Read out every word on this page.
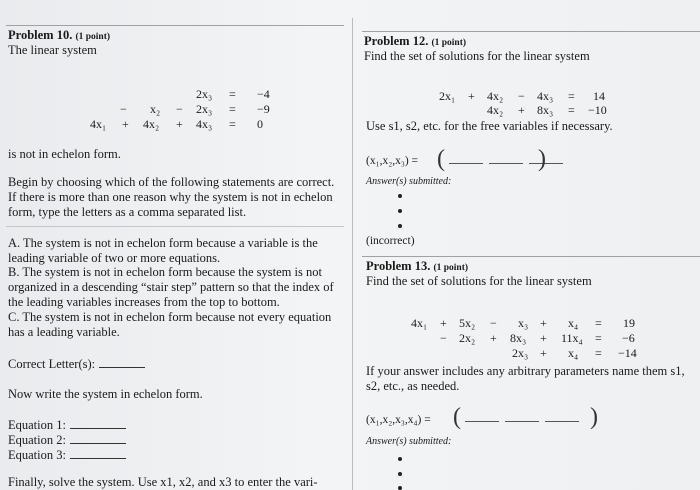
Problem 10. (1 point)
The linear system
2x₃ = −4
− x₂ − 2x₃ = −9
4x₁ + 4x₂ + 4x₃ = 0
is not in echelon form.
Begin by choosing which of the following statements are correct.
If there is more than one reason why the system is not in echelon
form, type the letters as a comma separated list.
A. The system is not in echelon form because a variable is the
leading variable of two or more equations.
B. The system is not in echelon form because the system is not
organized in a descending “stair step” pattern so that the index of
the leading variables increases from the top to bottom.
C. The system is not in echelon form because not every equation
has a leading variable.
Correct Letter(s):
Now write the system in echelon form.
Equation 1:
Equation 2:
Equation 3:
Finally, solve the system. Use x1, x2, and x3 to enter the vari-
Problem 12. (1 point)
Find the set of solutions for the linear system
2x₁ + 4x₂ − 4x₃ = 14
4x₂ + 8x₃ = −10
Use s1, s2, etc. for the free variables if necessary.
(x₁,x₂,x₃) = (	)
Answer(s) submitted:
(incorrect)
Problem 13. (1 point)
Find the set of solutions for the linear system
4x₁ + 5x₂ − x₃ + x₄ = 19
− 2x₂ + 8x₃ + 11x₄ = −6
2x₃ + x₄ = −14
If your answer includes any arbitrary parameters name them s1,
s2, etc., as needed.
(x₁,x₂,x₃,x₄) = (	)
Answer(s) submitted:
